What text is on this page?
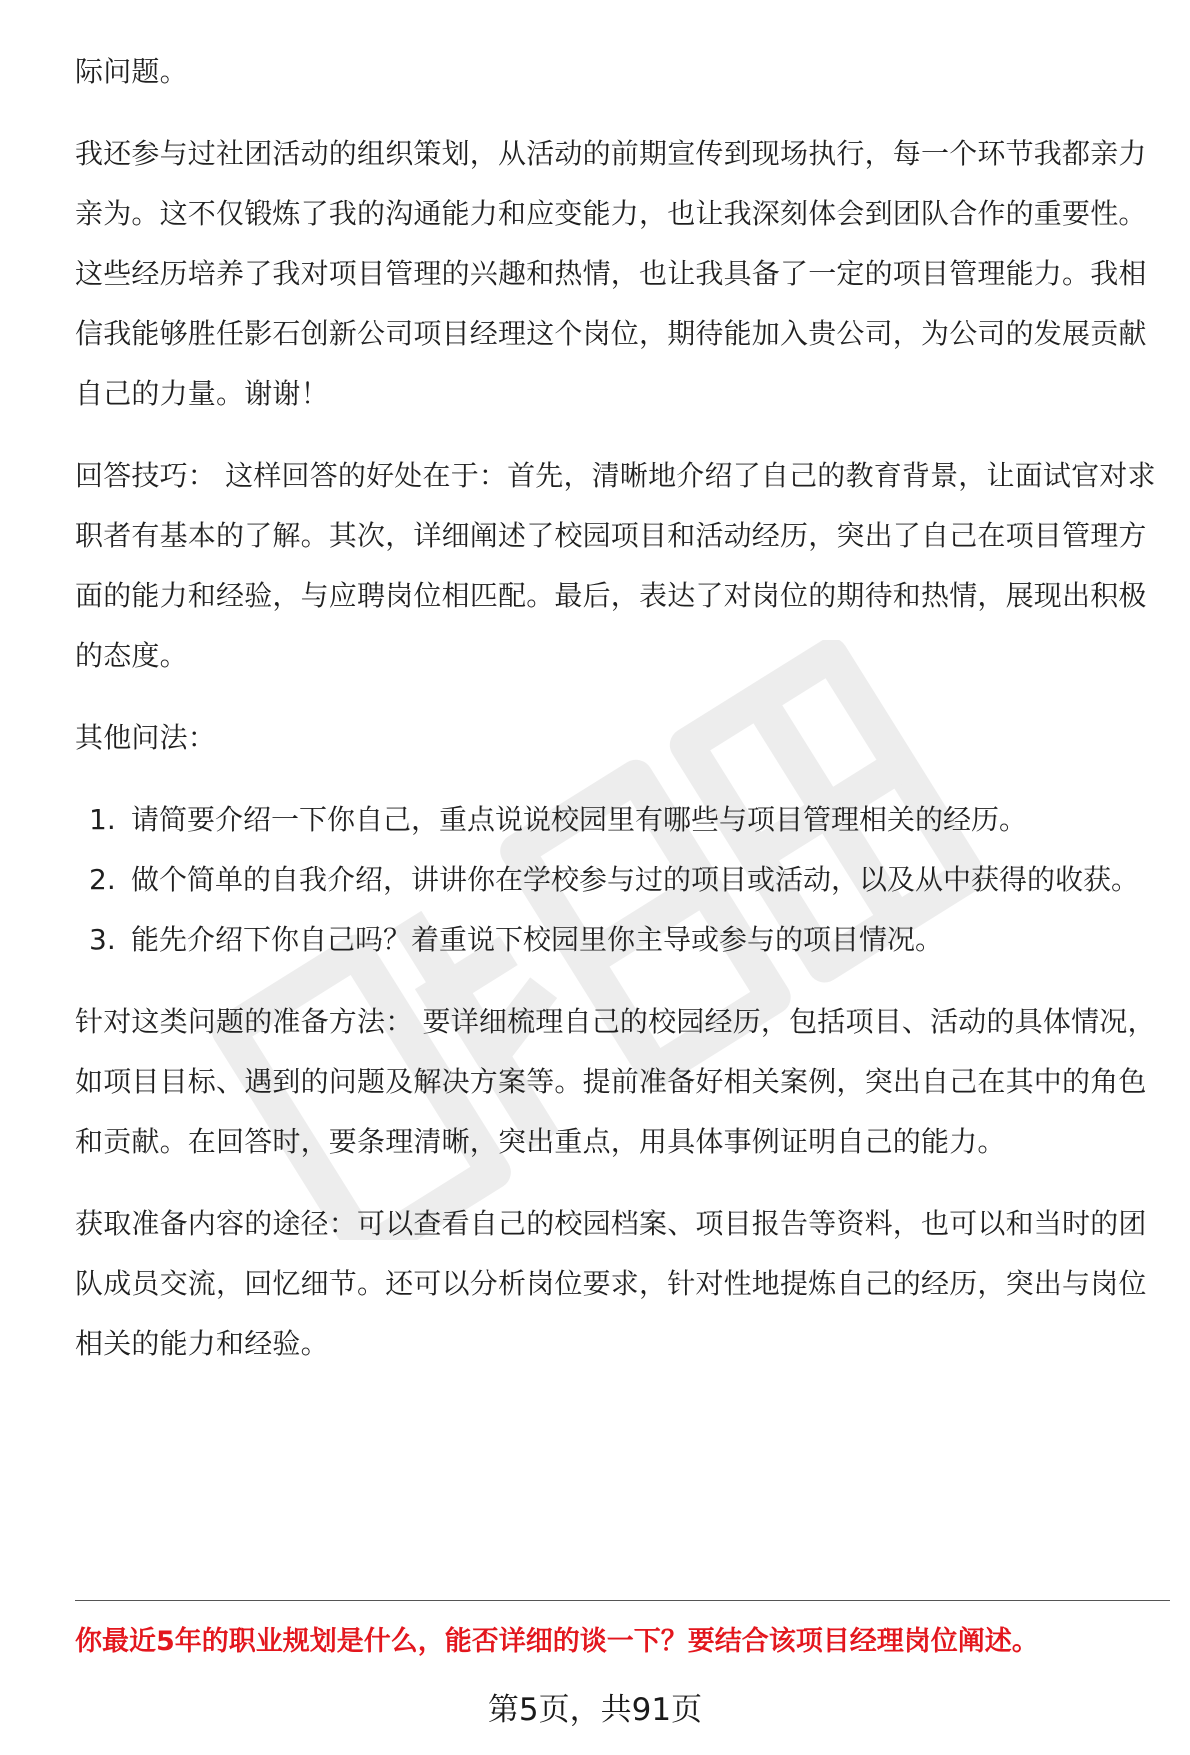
际问题。

我还参与过社团活动的组织策划，从活动的前期宣传到现场执行，每一个环节我都亲力亲为。这不仅锻炼了我的沟通能力和应变能力，也让我深刻体会到团队合作的重要性。这些经历培养了我对项目管理的兴趣和热情，也让我具备了一定的项目管理能力。我相信我能够胜任影石创新公司项目经理这个岗位，期待能加入贵公司，为公司的发展贡献自己的力量。谢谢！

回答技巧： 这样回答的好处在于：首先，清晰地介绍了自己的教育背景，让面试官对求职者有基本的了解。其次，详细阐述了校园项目和活动经历，突出了自己在项目管理方面的能力和经验，与应聘岗位相匹配。最后，表达了对岗位的期待和热情，展现出积极的态度。

其他问法：

1. 请简要介绍一下你自己，重点说说校园里有哪些与项目管理相关的经历。
2. 做个简单的自我介绍，讲讲你在学校参与过的项目或活动，以及从中获得的收获。
3. 能先介绍下你自己吗？着重说下校园里你主导或参与的项目情况。

针对这类问题的准备方法： 要详细梳理自己的校园经历，包括项目、活动的具体情况，如项目目标、遇到的问题及解决方案等。提前准备好相关案例，突出自己在其中的角色和贡献。在回答时，要条理清晰，突出重点，用具体事例证明自己的能力。

获取准备内容的途径：可以查看自己的校园档案、项目报告等资料，也可以和当时的团队成员交流，回忆细节。还可以分析岗位要求，针对性地提炼自己的经历，突出与岗位相关的能力和经验。

你最近5年的职业规划是什么，能否详细的谈一下？要结合该项目经理岗位阐述。
第5页，共91页
